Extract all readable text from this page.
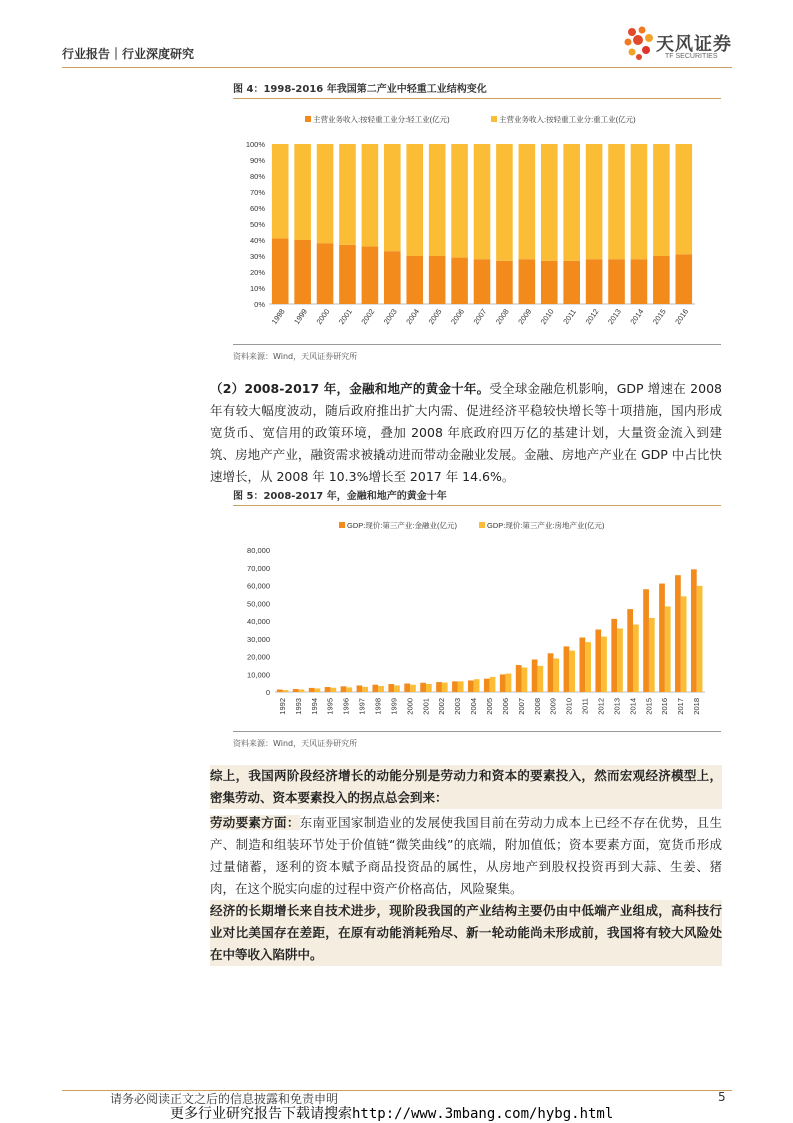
行业报告｜行业深度研究	天风证券
TF SECURITIES
图 4：1998-2016 年我国第二产业中轻重工业结构变化
主营业务收入:按轻重工业分:轻工业(亿元)	主营业务收入:按轻重工业分:重工业(亿元)
0%
10%
20%
30%
40%
50%
60%
70%
80%
90%
100%
1998 1999 2000 2001 2002 2003 2004 2005 2006 2007 2008 2009 2010 2011 2012 2013 2014 2015 2016
资料来源：Wind，天风证券研究所
（2）2008-2017 年，金融和地产的黄金十年。受全球金融危机影响，GDP 增速在 2008 年有较大幅度波动，随后政府推出扩大内需、促进经济平稳较快增长等十项措施，国内形成宽货币、宽信用的政策环境，叠加 2008 年底政府四万亿的基建计划，大量资金流入到建筑、房地产产业，融资需求被撬动进而带动金融业发展。金融、房地产产业在 GDP 中占比快速增长，从 2008 年 10.3%增长至 2017 年 14.6%。
图 5：2008-2017 年，金融和地产的黄金十年
GDP:现价:第三产业:金融业(亿元)	GDP:现价:第三产业:房地产业(亿元)
0
10,000
20,000
30,000
40,000
50,000
60,000
70,000
80,000
1992 1993 1994 1995 1996 1997 1998 1999 2000 2001 2002 2003 2004 2005 2006 2007 2008 2009 2010 2011 2012 2013 2014 2015 2016 2017 2018
资料来源：Wind，天风证券研究所
综上，我国两阶段经济增长的动能分别是劳动力和资本的要素投入，然而宏观经济模型上，密集劳动、资本要素投入的拐点总会到来：
劳动要素方面：东南亚国家制造业的发展使我国目前在劳动力成本上已经不存在优势，且生产、制造和组装环节处于价值链“微笑曲线”的底端，附加值低；资本要素方面，宽货币形成过量储蓄，逐利的资本赋予商品投资品的属性，从房地产到股权投资再到大蒜、生姜、猪肉，在这个脱实向虚的过程中资产价格高估，风险聚集。
经济的长期增长来自技术进步，现阶段我国的产业结构主要仍由中低端产业组成，高科技行业对比美国存在差距，在原有动能消耗殆尽、新一轮动能尚未形成前，我国将有较大风险处在中等收入陷阱中。
请务必阅读正文之后的信息披露和免责申明	5
更多行业研究报告下载请搜索http://www.3mbang.com/hybg.html
